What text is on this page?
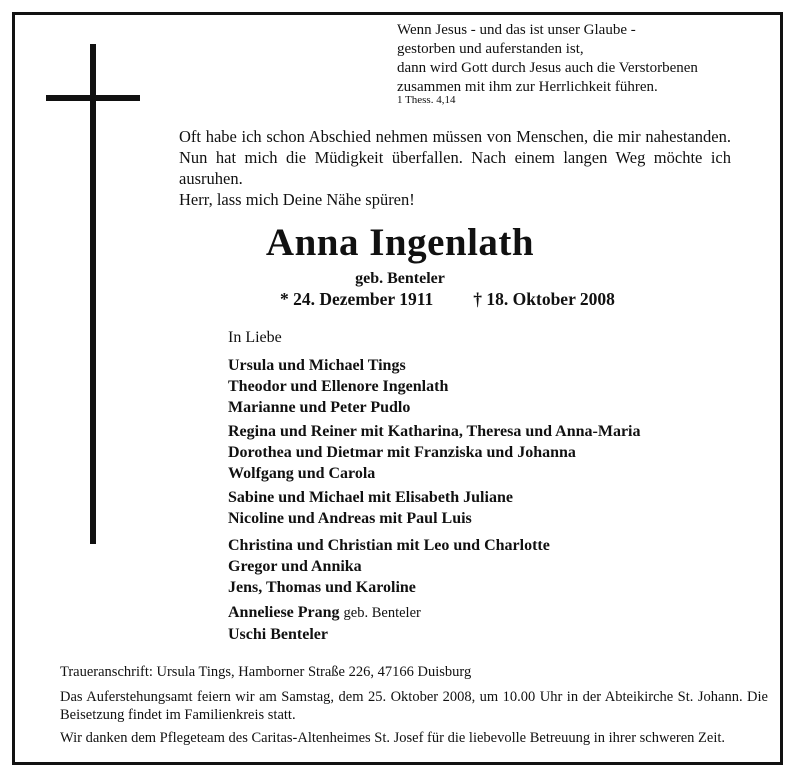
Wenn Jesus - und das ist unser Glaube -
gestorben und auferstanden ist,
dann wird Gott durch Jesus auch die Verstorbenen
zusammen mit ihm zur Herrlichkeit führen.
1 Thess. 4,14
Oft habe ich schon Abschied nehmen müssen von Menschen, die mir nahestanden. Nun hat mich die Müdigkeit überfallen. Nach einem langen Weg möchte ich ausruhen.
Herr, lass mich Deine Nähe spüren!
Anna Ingenlath
geb. Benteler
* 24. Dezember 1911 † 18. Oktober 2008
In Liebe
Ursula und Michael Tings
Theodor und Ellenore Ingenlath
Marianne und Peter Pudlo
Regina und Reiner mit Katharina, Theresa und Anna-Maria
Dorothea und Dietmar mit Franziska und Johanna
Wolfgang und Carola
Sabine und Michael mit Elisabeth Juliane
Nicoline und Andreas mit Paul Luis
Christina und Christian mit Leo und Charlotte
Gregor und Annika
Jens, Thomas und Karoline
Anneliese Prang geb. Benteler
Uschi Benteler
Traueranschrift: Ursula Tings, Hamborner Straße 226, 47166 Duisburg
Das Auferstehungsamt feiern wir am Samstag, dem 25. Oktober 2008, um 10.00 Uhr in der Abteikirche St. Johann. Die Beisetzung findet im Familienkreis statt.
Wir danken dem Pflegeteam des Caritas-Altenheimes St. Josef für die liebevolle Betreuung in ihrer schweren Zeit.
